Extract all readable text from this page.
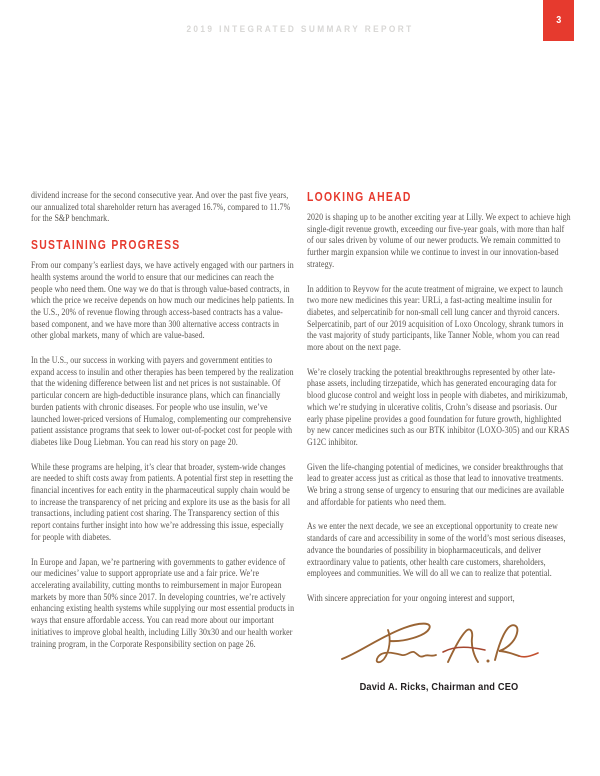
2019 INTEGRATED SUMMARY REPORT
3

dividend increase for the second consecutive year. And over the past five years, our annualized total shareholder return has averaged 16.7%, compared to 11.7% for the S&P benchmark.

SUSTAINING PROGRESS

From our company’s earliest days, we have actively engaged with our partners in health systems around the world to ensure that our medicines can reach the people who need them. One way we do that is through value-based contracts, in which the price we receive depends on how much our medicines help patients. In the U.S., 20% of revenue flowing through access-based contracts has a value-based component, and we have more than 300 alternative access contracts in other global markets, many of which are value-based.

In the U.S., our success in working with payers and government entities to expand access to insulin and other therapies has been tempered by the realization that the widening difference between list and net prices is not sustainable. Of particular concern are high-deductible insurance plans, which can financially burden patients with chronic diseases. For people who use insulin, we’ve launched lower-priced versions of Humalog, complementing our comprehensive patient assistance programs that seek to lower out-of-pocket cost for people with diabetes like Doug Liebman. You can read his story on page 20.

While these programs are helping, it’s clear that broader, system-wide changes are needed to shift costs away from patients. A potential first step in resetting the financial incentives for each entity in the pharmaceutical supply chain would be to increase the transparency of net pricing and explore its use as the basis for all transactions, including patient cost sharing. The Transparency section of this report contains further insight into how we’re addressing this issue, especially for people with diabetes.

In Europe and Japan, we’re partnering with governments to gather evidence of our medicines’ value to support appropriate use and a fair price. We’re accelerating availability, cutting months to reimbursement in major European markets by more than 50% since 2017. In developing countries, we’re actively enhancing existing health systems while supplying our most essential products in ways that ensure affordable access. You can read more about our important initiatives to improve global health, including Lilly 30x30 and our health worker training program, in the Corporate Responsibility section on page 26.

LOOKING AHEAD

2020 is shaping up to be another exciting year at Lilly. We expect to achieve high single-digit revenue growth, exceeding our five-year goals, with more than half of our sales driven by volume of our newer products. We remain committed to further margin expansion while we continue to invest in our innovation-based strategy.

In addition to Reyvow for the acute treatment of migraine, we expect to launch two more new medicines this year: URLi, a fast-acting mealtime insulin for diabetes, and selpercatinib for non-small cell lung cancer and thyroid cancers. Selpercatinib, part of our 2019 acquisition of Loxo Oncology, shrank tumors in the vast majority of study participants, like Tanner Noble, whom you can read more about on the next page.

We’re closely tracking the potential breakthroughs represented by other late-phase assets, including tirzepatide, which has generated encouraging data for blood glucose control and weight loss in people with diabetes, and mirikizumab, which we’re studying in ulcerative colitis, Crohn’s disease and psoriasis. Our early phase pipeline provides a good foundation for future growth, highlighted by new cancer medicines such as our BTK inhibitor (LOXO-305) and our KRAS G12C inhibitor.

Given the life-changing potential of medicines, we consider breakthroughs that lead to greater access just as critical as those that lead to innovative treatments. We bring a strong sense of urgency to ensuring that our medicines are available and affordable for patients who need them.

As we enter the next decade, we see an exceptional opportunity to create new standards of care and accessibility in some of the world’s most serious diseases, advance the boundaries of possibility in biopharmaceuticals, and deliver extraordinary value to patients, other health care customers, shareholders, employees and communities. We will do all we can to realize that potential.

With sincere appreciation for your ongoing interest and support,

David A. Ricks, Chairman and CEO
